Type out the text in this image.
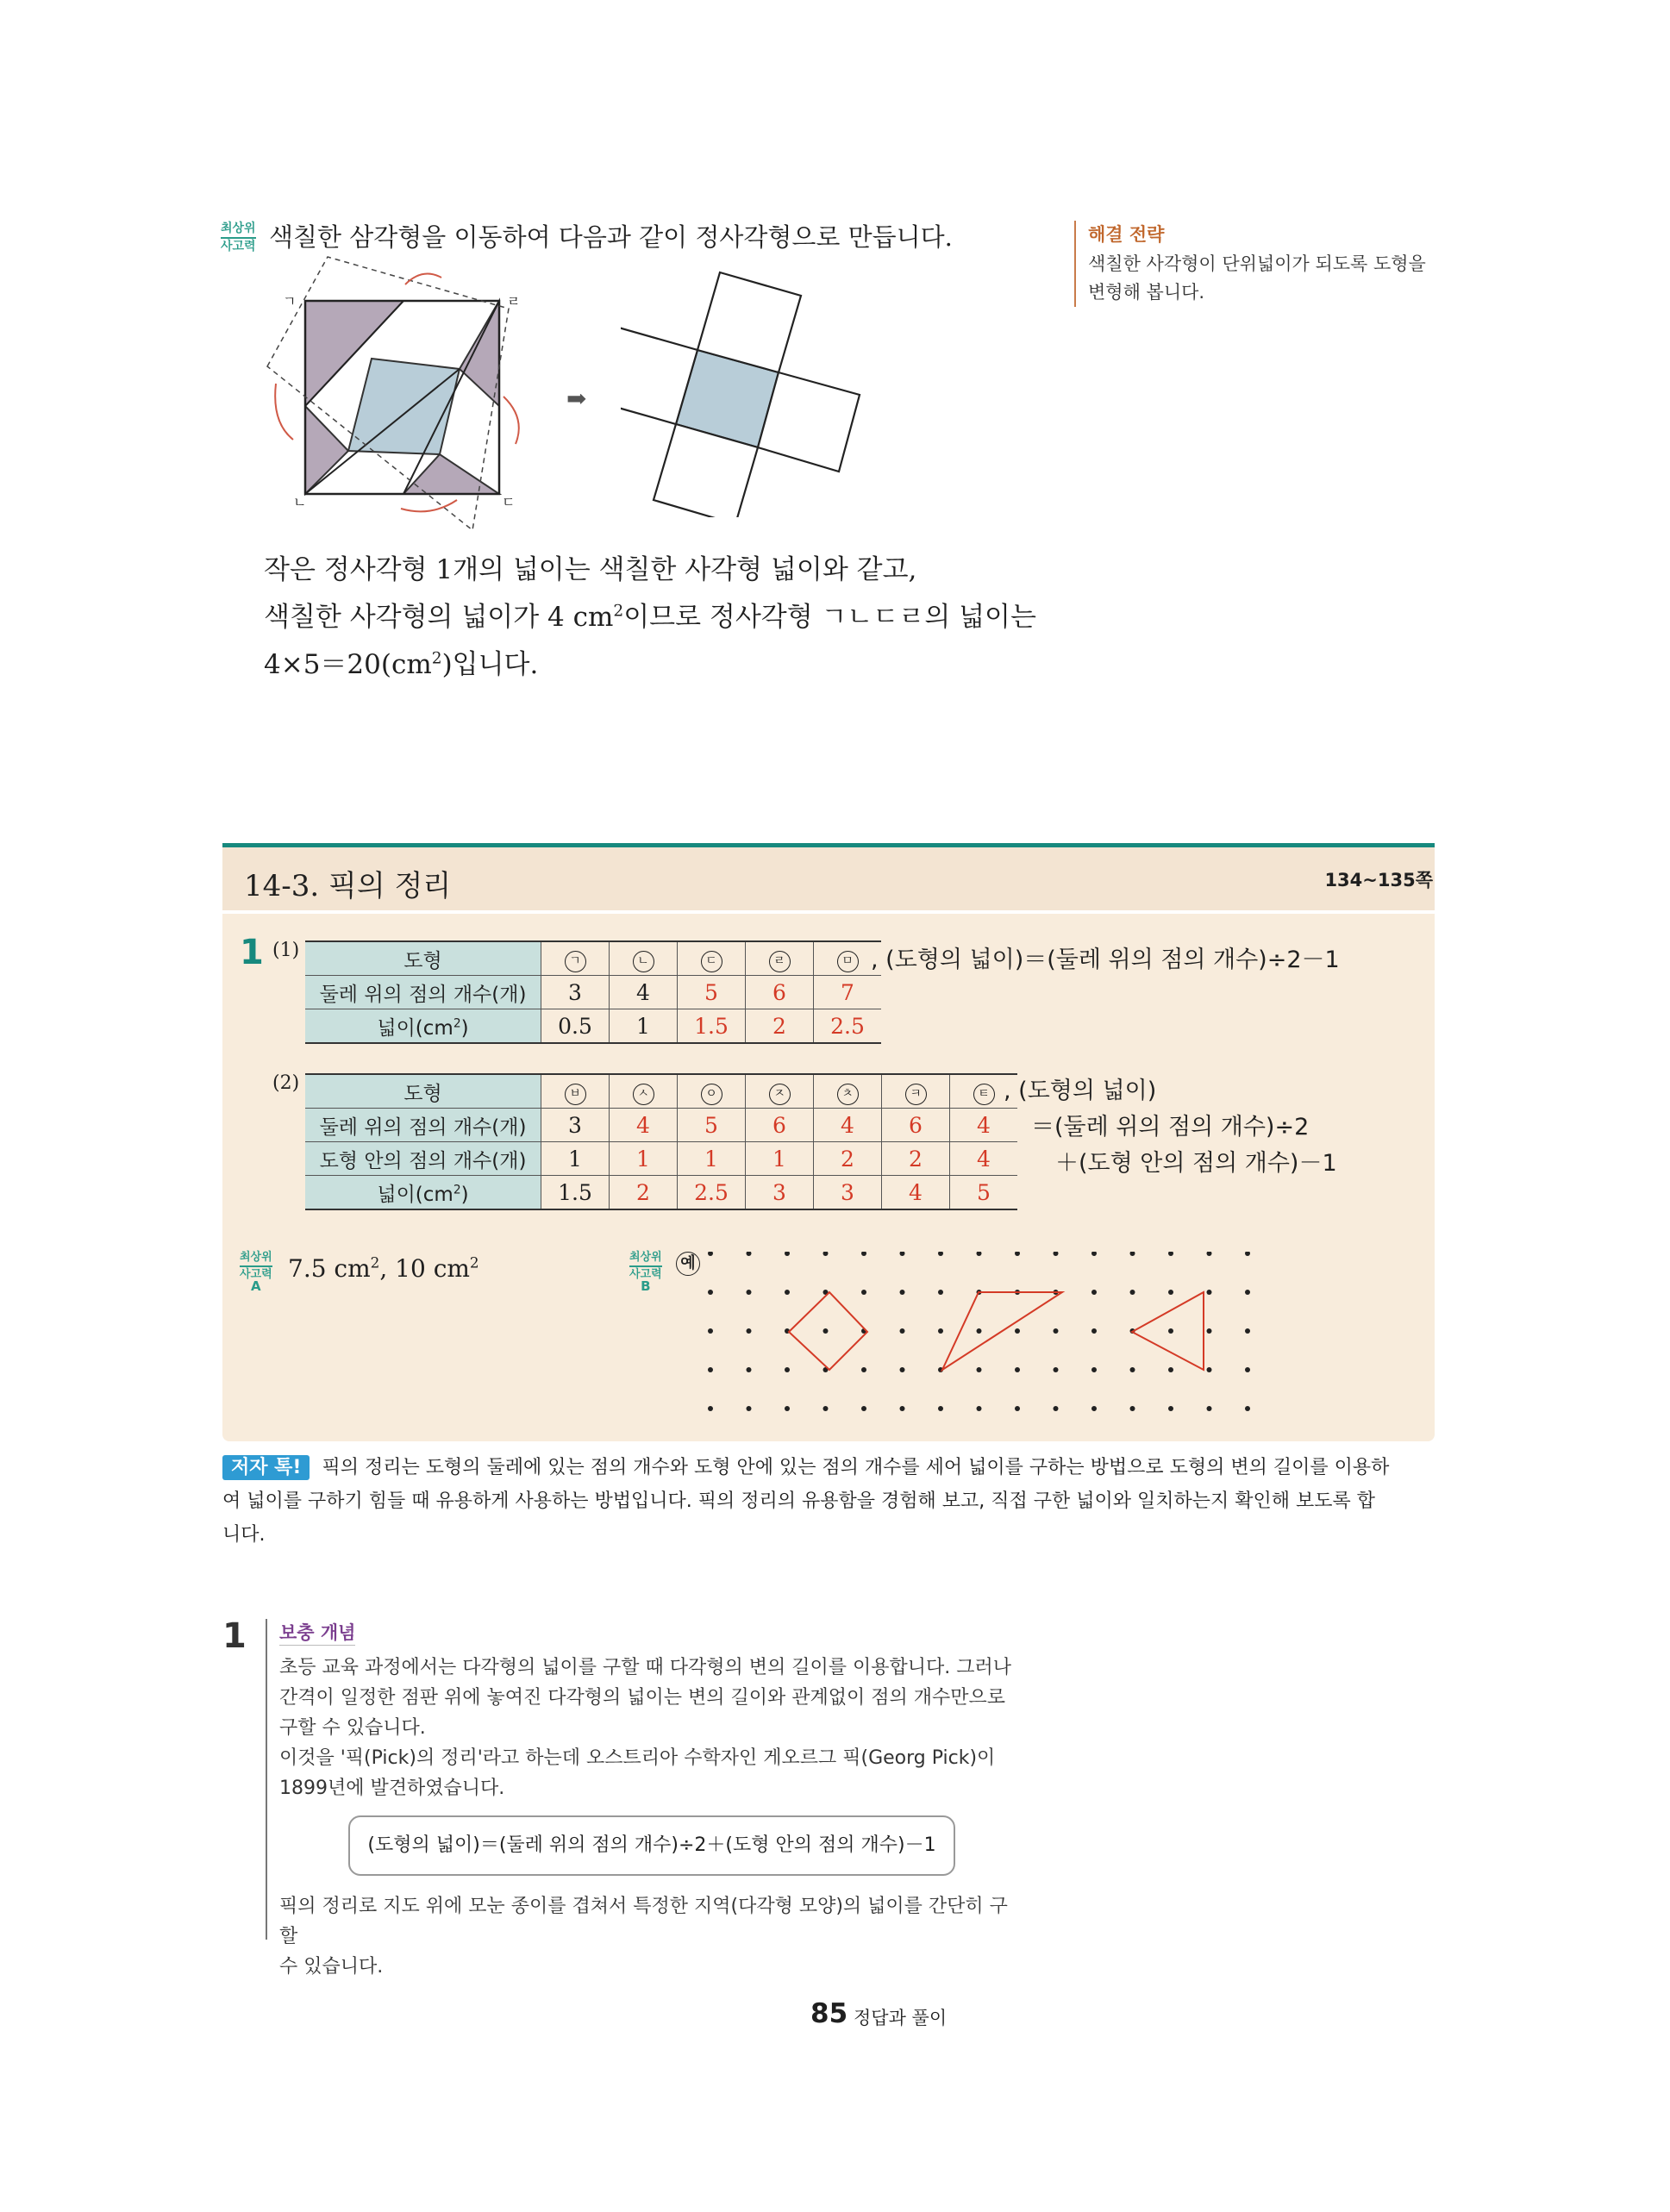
최상위
사고력 색칠한 삼각형을 이동하여 다음과 같이 정사각형으로 만듭니다.
ㄱ	ㄹ
ㄴ	ㄷ
➡
작은 정사각형 1개의 넓이는 색칠한 사각형 넓이와 같고,
색칠한 사각형의 넓이가 4 $cm^2$이므로 정사각형 ㄱㄴㄷㄹ의 넓이는
$4\times 5=20(cm^2)$입니다.
해결 전략
색칠한 사각형이 단위넓이가 되도록 도형을
변형해 봅니다.
14-3. 픽의 정리	134~135쪽
1 (1)	도형	ㄱ	ㄴ	ㄷ	ㄹ	ㅁ
둘레 위의 점의 개수(개)	3	4	5	6	7
넓이$(cm^2)$	0.5	1	1.5	2	2.5
, (도형의 넓이)＝(둘레 위의 점의 개수)÷2－1
(2)	도형	ㅂ	ㅅ	ㅇ	ㅈ	ㅊ	ㅋ	ㅌ
둘레 위의 점의 개수(개)	3	4	5	6	4	6	4
도형 안의 점의 개수(개)	1	1	1	1	2	2	4
넓이$(cm^2)$	1.5	2	2.5	3	3	4	5
, (도형의 넓이)
＝(둘레 위의 점의 개수)÷2
＋(도형 안의 점의 개수)－1
최상위
사고력
A
7.5 $cm^2$, 10 $cm^2$	최상위
사고력
B
예
저자 톡! 픽의 정리는 도형의 둘레에 있는 점의 개수와 도형 안에 있는 점의 개수를 세어 넓이를 구하는 방법으로 도형의 변의 길이를 이용하
여 넓이를 구하기 힘들 때 유용하게 사용하는 방법입니다. 픽의 정리의 유용함을 경험해 보고, 직접 구한 넓이와 일치하는지 확인해 보도록 합
니다.
1	보충 개념
초등 교육 과정에서는 다각형의 넓이를 구할 때 다각형의 변의 길이를 이용합니다. 그러나
간격이 일정한 점판 위에 놓여진 다각형의 넓이는 변의 길이와 관계없이 점의 개수만으로
구할 수 있습니다.
이것을 '픽(Pick)의 정리'라고 하는데 오스트리아 수학자인 게오르그 픽(Georg Pick)이
1899년에 발견하였습니다.
(도형의 넓이)＝(둘레 위의 점의 개수)÷2＋(도형 안의 점의 개수)－1
픽의 정리로 지도 위에 모눈 종이를 겹쳐서 특정한 지역(다각형 모양)의 넓이를 간단히 구할
수 있습니다.
85 정답과 풀이
